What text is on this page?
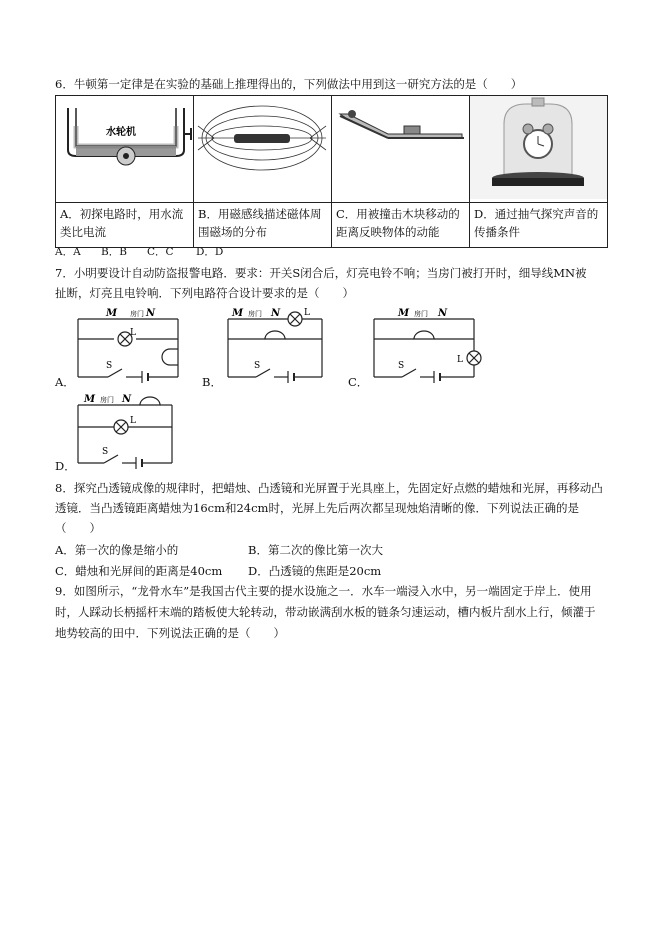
6．牛顿第一定律是在实验的基础上推理得出的，下列做法中用到这一研究方法的是（　　）
水轮机

A．初探电路时，用水流类比电流	B．用磁感线描述磁体周围磁场的分布	C．用被撞击木块移动的距离反映物体的动能	D．通过抽气探究声音的传播条件
A．A B．B C．C D．D
7．小明要设计自动防盗报警电路．要求：开关S闭合后，灯亮电铃不响；当房门被打开时，细导线MN被
扯断，灯亮且电铃响．下列电路符合设计要求的是（　　）
A．
M 房门 N
L
S
B．
M 房门 N	L
S
C．
M 房门 N
L
S
D．
M 房门 N
L
S
8．探究凸透镜成像的规律时，把蜡烛、凸透镜和光屏置于光具座上，先固定好点燃的蜡烛和光屏，再移动凸
透镜．当凸透镜距离蜡烛为16cm和24cm时，光屏上先后两次都呈现烛焰清晰的像．下列说法正确的是
（　　）
A．第一次的像是缩小的	B．第二次的像比第一次大
C．蜡烛和光屏间的距离是40cm D．凸透镜的焦距是20cm
9．如图所示，“龙骨水车”是我国古代主要的提水设施之一．水车一端浸入水中，另一端固定于岸上．使用
时，人踩动长柄摇杆末端的踏板使大轮转动，带动嵌满刮水板的链条匀速运动，槽内板片刮水上行，倾灌于
地势较高的田中．下列说法正确的是（　　）
